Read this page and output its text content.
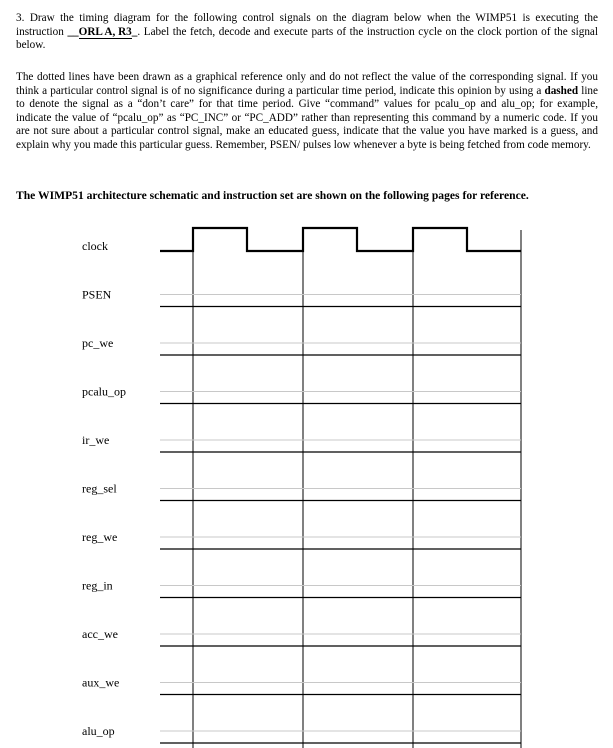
3. Draw the timing diagram for the following control signals on the diagram below when the WIMP51 is executing the instruction __ORL A, R3_. Label the fetch, decode and execute parts of the instruction cycle on the clock portion of the signal below.

The dotted lines have been drawn as a graphical reference only and do not reflect the value of the corresponding signal. If you think a particular control signal is of no significance during a particular time period, indicate this opinion by using a dashed line to denote the signal as a “don’t care” for that time period. Give “command” values for pcalu_op and alu_op; for example, indicate the value of “pcalu_op” as “PC_INC” or “PC_ADD” rather than representing this command by a numeric code. If you are not sure about a particular control signal, make an educated guess, indicate that the value you have marked is a guess, and explain why you made this particular guess. Remember, PSEN/ pulses low whenever a byte is being fetched from code memory.

The WIMP51 architecture schematic and instruction set are shown on the following pages for reference.

clock
PSEN
pc_we
pcalu_op
ir_we
reg_sel
reg_we
reg_in
acc_we
aux_we
alu_op
